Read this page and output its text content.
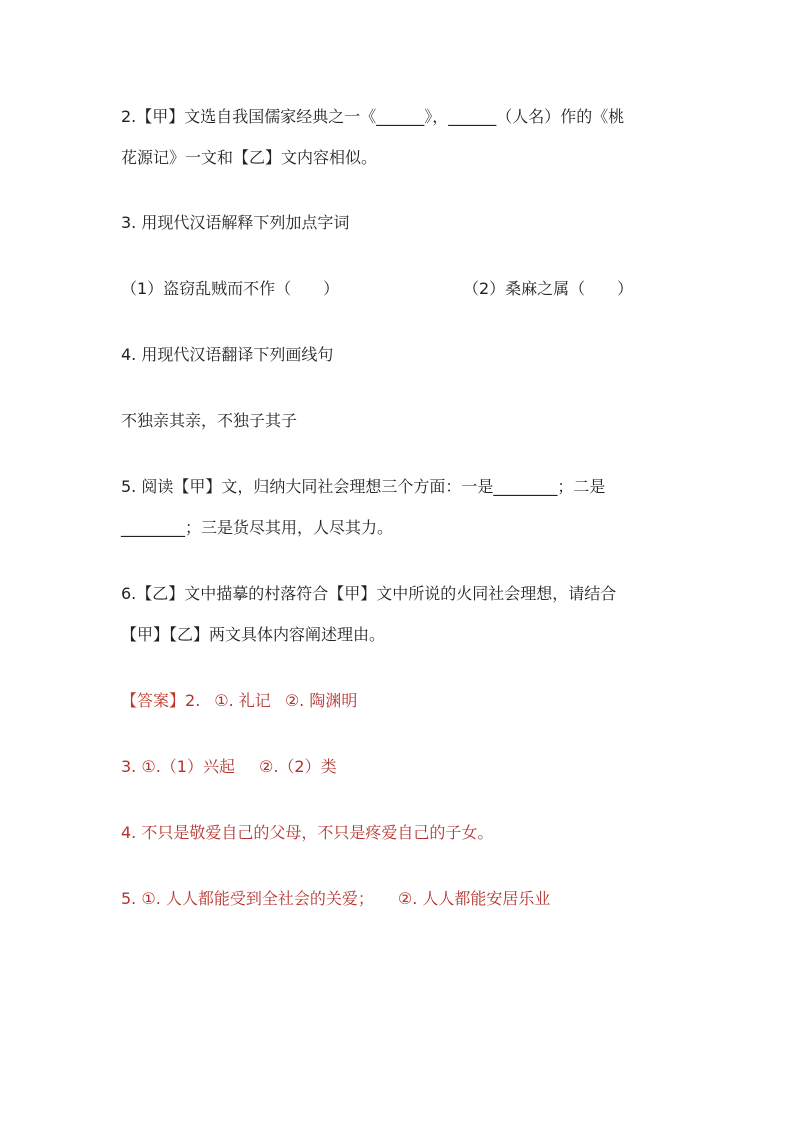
2.【甲】文选自我国儒家经典之一《______》，______（人名）作的《桃
花源记》一文和【乙】文内容相似。
3. 用现代汉语解释下列加点字词
（1）盗窃乱贼而不作（　　）	（2）桑麻之属（　　）
4. 用现代汉语翻译下列画线句
不独亲其亲，不独子其子
5. 阅读【甲】文，归纳大同社会理想三个方面：一是________；二是
________；三是货尽其用，人尽其力。
6.【乙】文中描摹的村落符合【甲】文中所说的火同社会理想，请结合
【甲】【乙】两文具体内容阐述理由。
【答案】2. ①. 礼记 ②. 陶渊明
3. ①.（1）兴起 ②.（2）类
4. 不只是敬爱自己的父母，不只是疼爱自己的子女。
5. ①. 人人都能受到全社会的关爱； ②. 人人都能安居乐业
